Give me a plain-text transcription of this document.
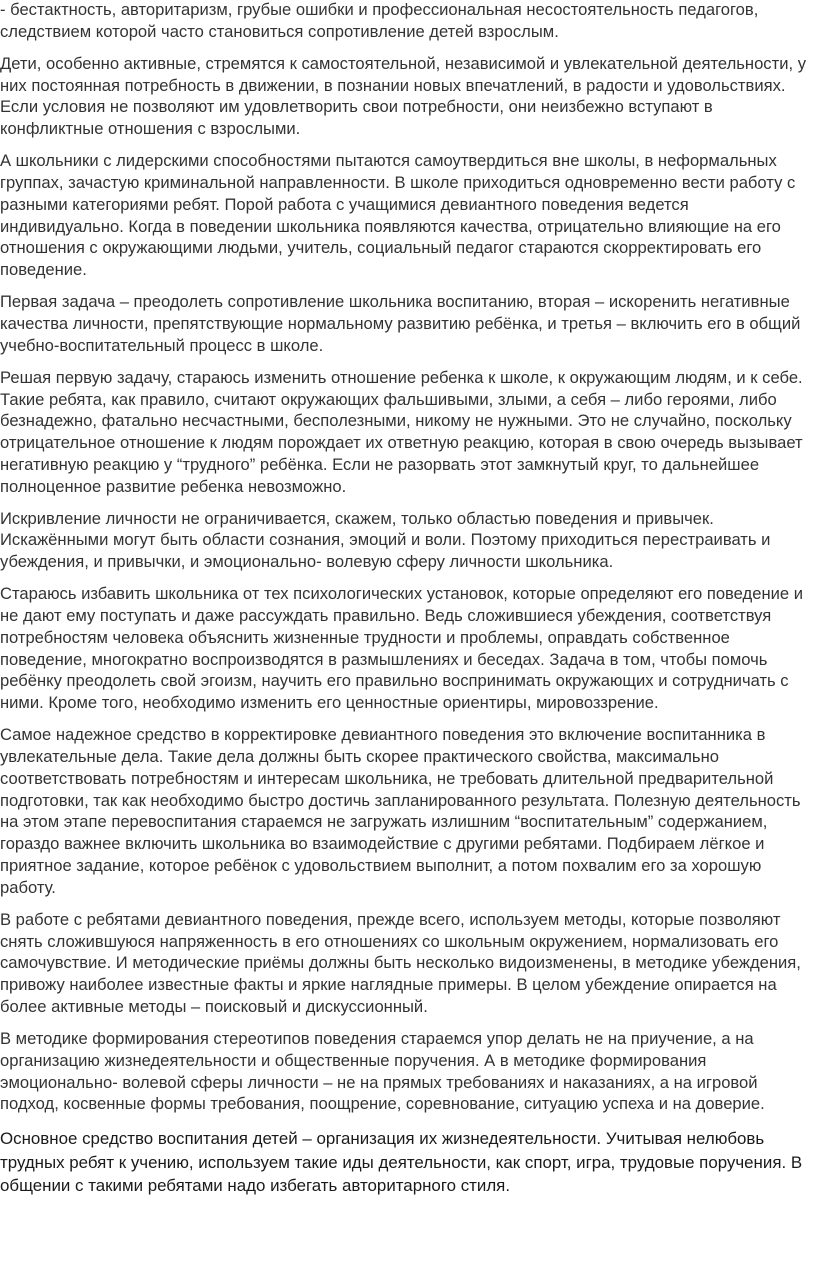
- бестактность, авторитаризм, грубые ошибки и профессиональная несостоятельность педагогов, следствием которой часто становиться сопротивление детей взрослым.

Дети, особенно активные, стремятся к самостоятельной, независимой и увлекательной деятельности, у них постоянная потребность в движении, в познании новых впечатлений, в радости и удовольствиях. Если условия не позволяют им удовлетворить свои потребности, они неизбежно вступают в конфликтные отношения с взрослыми.

А школьники с лидерскими способностями пытаются самоутвердиться вне школы, в неформальных группах, зачастую криминальной направленности. В школе приходиться одновременно вести работу с разными категориями ребят. Порой работа с учащимися девиантного поведения ведется индивидуально. Когда в поведении школьника появляются качества, отрицательно влияющие на его отношения с окружающими людьми, учитель, социальный педагог стараются скорректировать его поведение.

Первая задача – преодолеть сопротивление школьника воспитанию, вторая – искоренить негативные качества личности, препятствующие нормальному развитию ребёнка, и третья – включить его в общий учебно-воспитательный процесс в школе.

Решая первую задачу, стараюсь изменить отношение ребенка к школе, к окружающим людям, и к себе. Такие ребята, как правило, считают окружающих фальшивыми, злыми, а себя – либо героями, либо безнадежно, фатально несчастными, бесполезными, никому не нужными. Это не случайно, поскольку отрицательное отношение к людям порождает их ответную реакцию, которая в свою очередь вызывает негативную реакцию у “трудного” ребёнка. Если не разорвать этот замкнутый круг, то дальнейшее полноценное развитие ребенка невозможно.

Искривление личности не ограничивается, скажем, только областью поведения и привычек. Искажёнными могут быть области сознания, эмоций и воли. Поэтому приходиться перестраивать и убеждения, и привычки, и эмоционально- волевую сферу личности школьника.

Стараюсь избавить школьника от тех психологических установок, которые определяют его поведение и не дают ему поступать и даже рассуждать правильно. Ведь сложившиеся убеждения, соответствуя потребностям человека объяснить жизненные трудности и проблемы, оправдать собственное поведение, многократно воспроизводятся в размышлениях и беседах. Задача в том, чтобы помочь ребёнку преодолеть свой эгоизм, научить его правильно воспринимать окружающих и сотрудничать с ними. Кроме того, необходимо изменить его ценностные ориентиры, мировоззрение.

Самое надежное средство в корректировке девиантного поведения это включение воспитанника в увлекательные дела. Такие дела должны быть скорее практического свойства, максимально соответствовать потребностям и интересам школьника, не требовать длительной предварительной подготовки, так как необходимо быстро достичь запланированного результата. Полезную деятельность на этом этапе перевоспитания стараемся не загружать излишним “воспитательным” содержанием, гораздо важнее включить школьника во взаимодействие с другими ребятами. Подбираем лёгкое и приятное задание, которое ребёнок с удовольствием выполнит, а потом похвалим его за хорошую работу.

В работе с ребятами девиантного поведения, прежде всего, используем методы, которые позволяют снять сложившуюся напряженность в его отношениях со школьным окружением, нормализовать его самочувствие. И методические приёмы должны быть несколько видоизменены, в методике убеждения, привожу наиболее известные факты и яркие наглядные примеры. В целом убеждение опирается на более активные методы – поисковый и дискуссионный.

В методике формирования стереотипов поведения стараемся упор делать не на приучение, а на организацию жизнедеятельности и общественные поручения. А в методике формирования эмоционально- волевой сферы личности – не на прямых требованиях и наказаниях, а на игровой подход, косвенные формы требования, поощрение, соревнование, ситуацию успеха и на доверие.

Основное средство воспитания детей – организация их жизнедеятельности. Учитывая нелюбовь трудных ребят к учению, используем такие иды деятельности, как спорт, игра, трудовые поручения. В общении с такими ребятами надо избегать авторитарного стиля.
